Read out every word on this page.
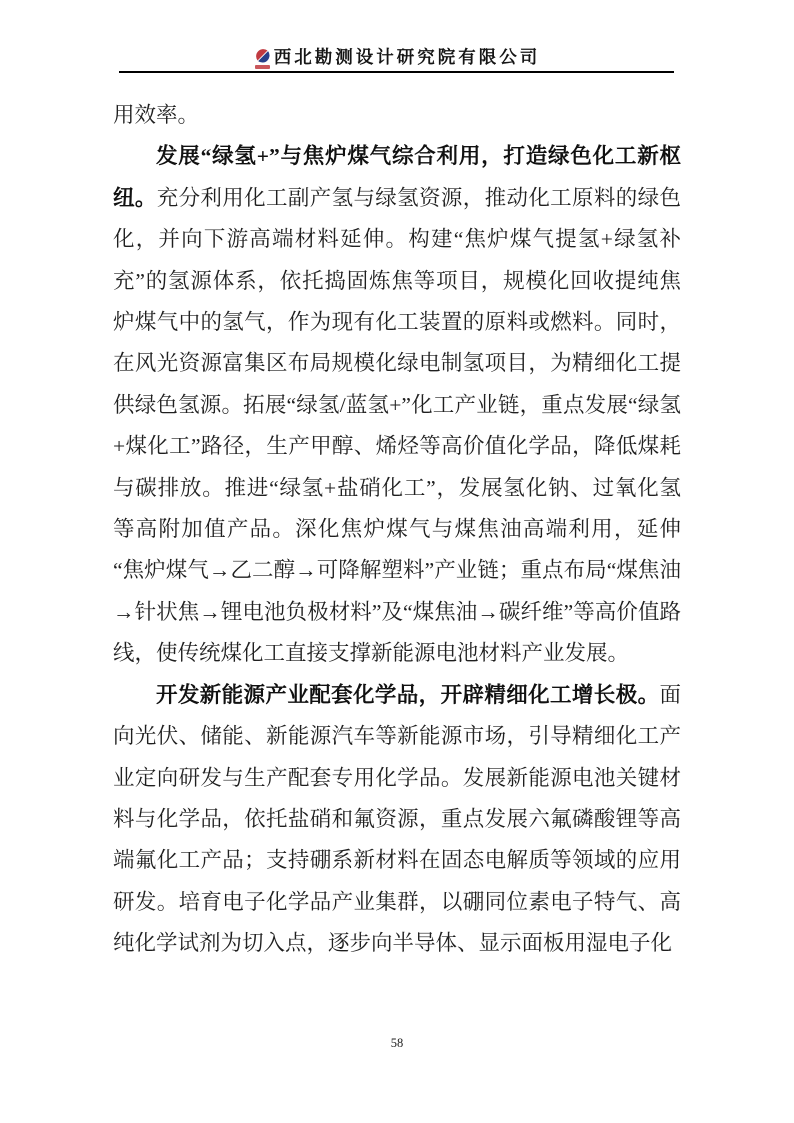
西北勘测设计研究院有限公司

用效率。

发展“绿氢+”与焦炉煤气综合利用，打造绿色化工新枢纽。充分利用化工副产氢与绿氢资源，推动化工原料的绿色化，并向下游高端材料延伸。构建“焦炉煤气提氢+绿氢补充”的氢源体系，依托捣固炼焦等项目，规模化回收提纯焦炉煤气中的氢气，作为现有化工装置的原料或燃料。同时，在风光资源富集区布局规模化绿电制氢项目，为精细化工提供绿色氢源。拓展“绿氢/蓝氢+”化工产业链，重点发展“绿氢+煤化工”路径，生产甲醇、烯烃等高价值化学品，降低煤耗与碳排放。推进“绿氢+盐硝化工”，发展氢化钠、过氧化氢等高附加值产品。深化焦炉煤气与煤焦油高端利用，延伸“焦炉煤气→乙二醇→可降解塑料”产业链；重点布局“煤焦油→针状焦→锂电池负极材料”及“煤焦油→碳纤维”等高价值路线，使传统煤化工直接支撑新能源电池材料产业发展。

开发新能源产业配套化学品，开辟精细化工增长极。面向光伏、储能、新能源汽车等新能源市场，引导精细化工产业定向研发与生产配套专用化学品。发展新能源电池关键材料与化学品，依托盐硝和氟资源，重点发展六氟磷酸锂等高端氟化工产品；支持硼系新材料在固态电解质等领域的应用研发。培育电子化学品产业集群，以硼同位素电子特气、高纯化学试剂为切入点，逐步向半导体、显示面板用湿电子化

58
